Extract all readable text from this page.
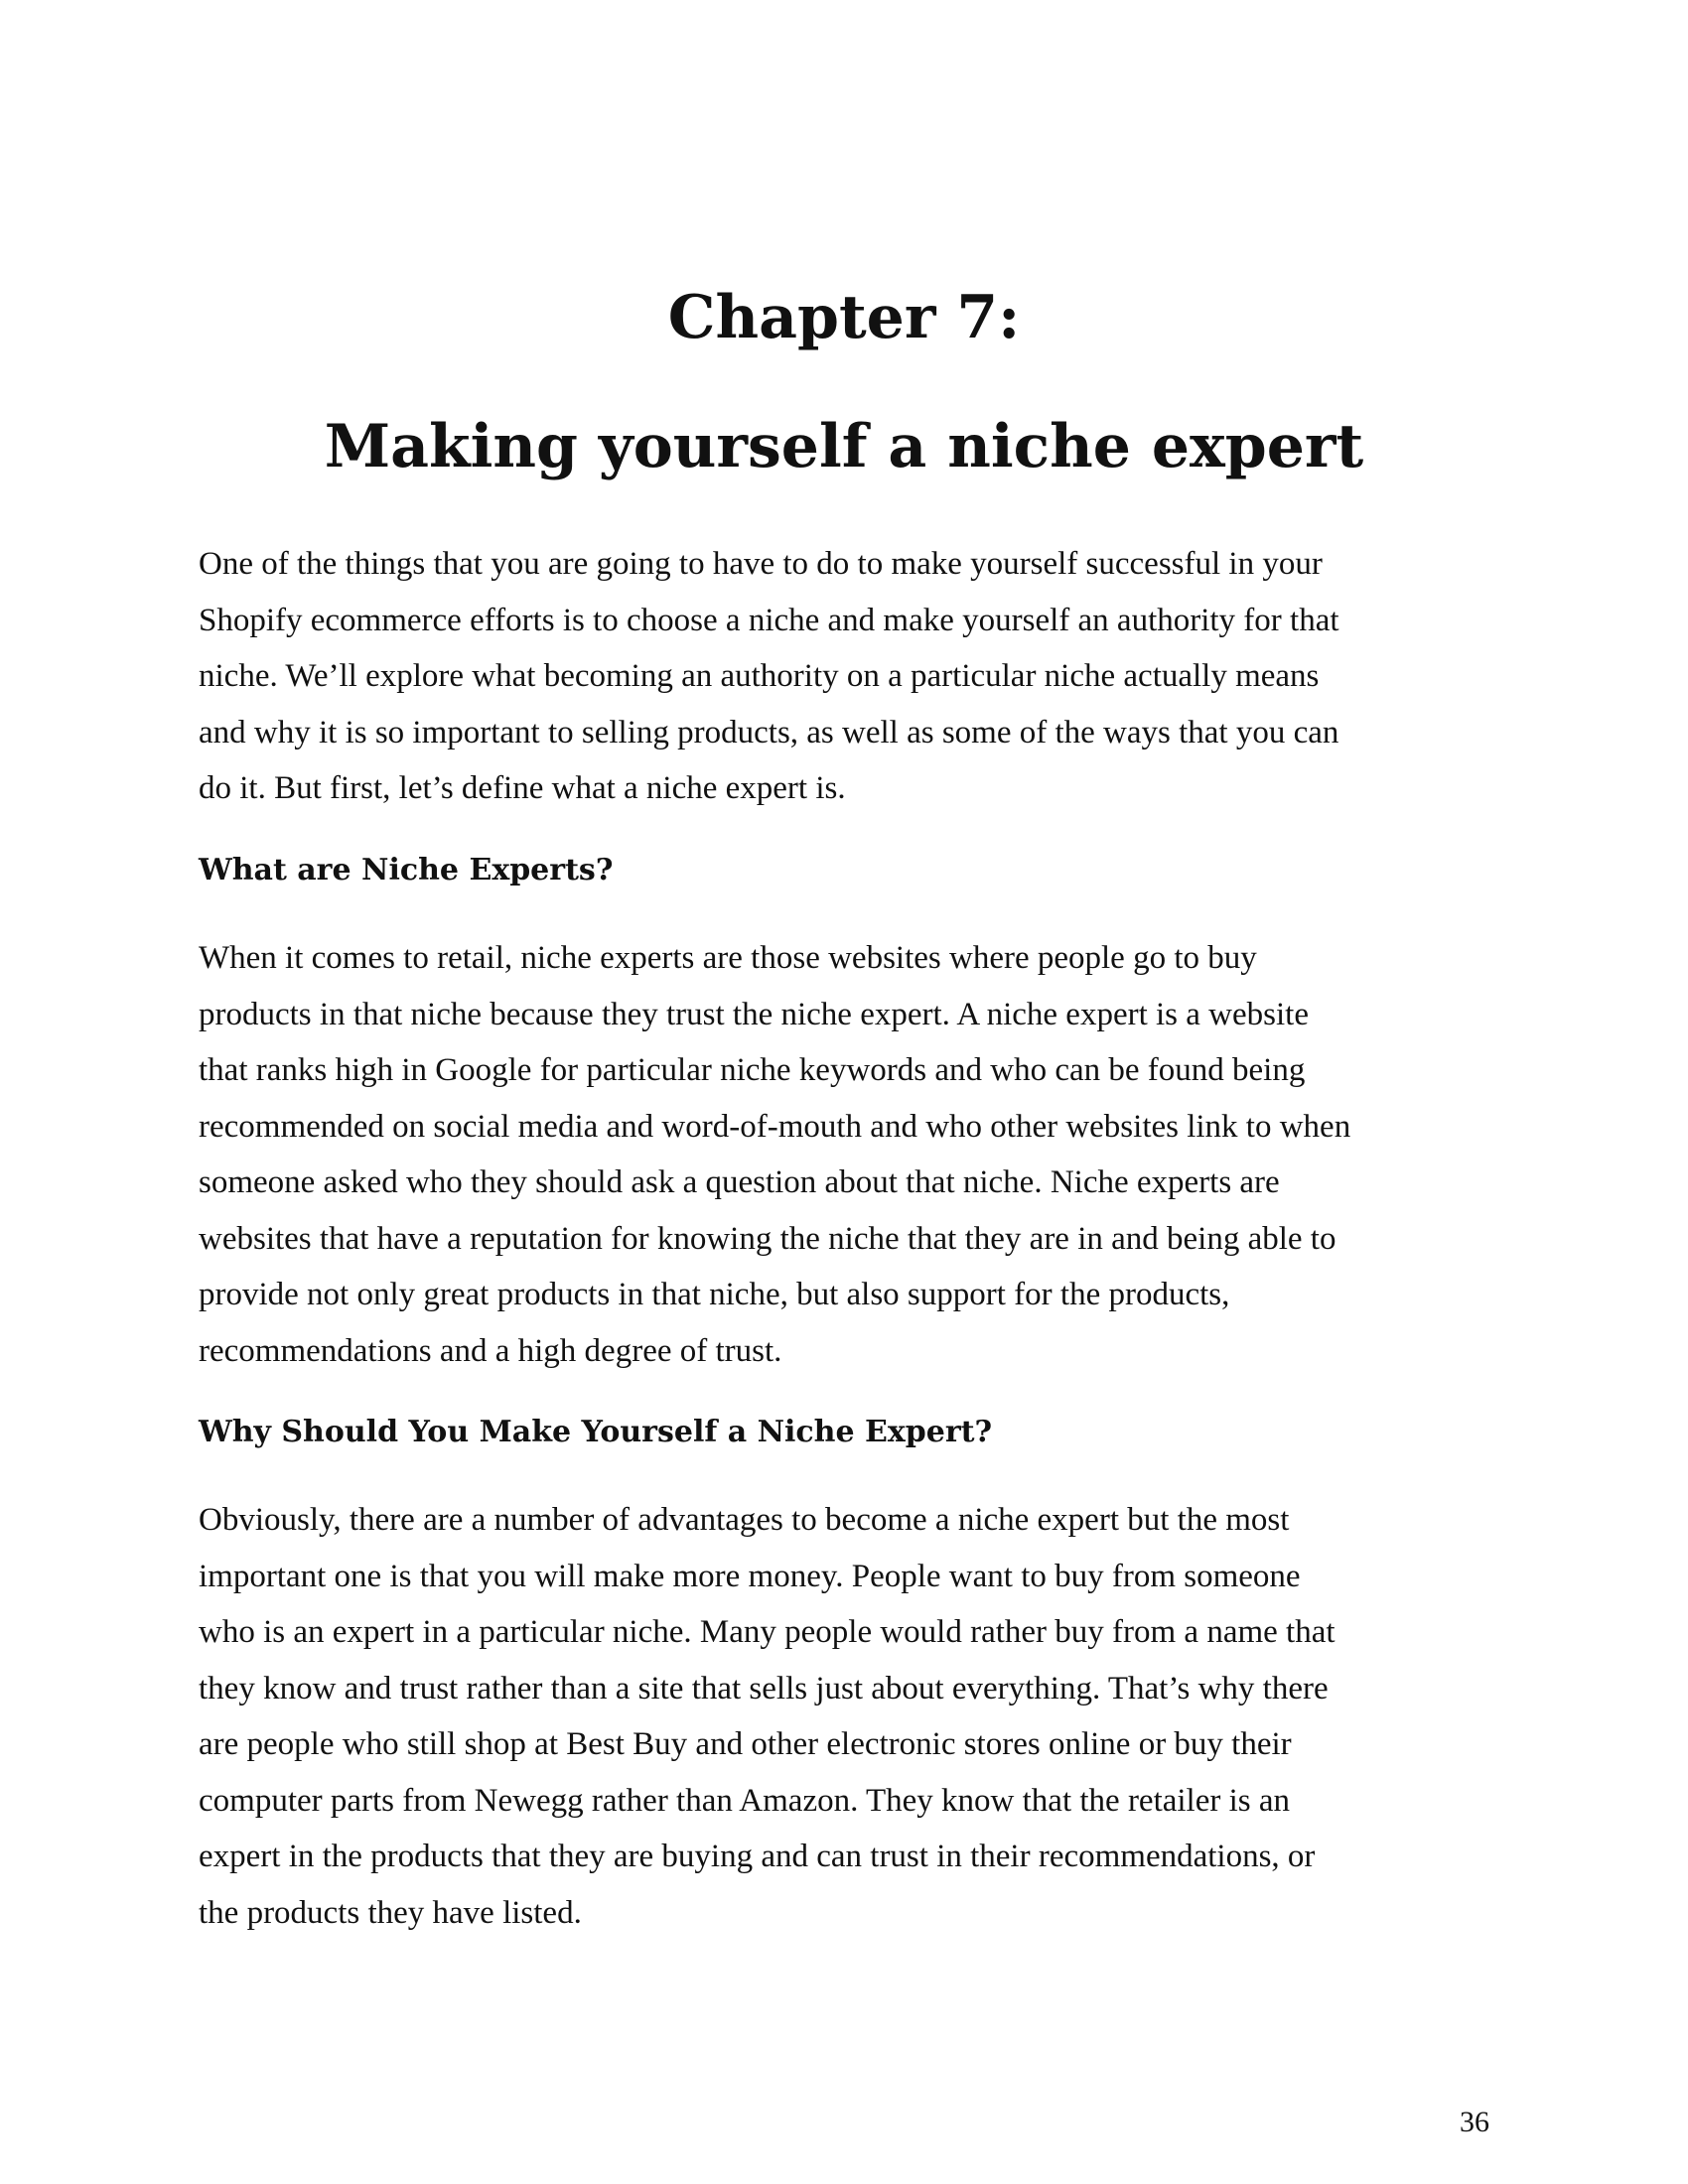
Chapter 7:
Making yourself a niche expert

One of the things that you are going to have to do to make yourself successful in your
Shopify ecommerce efforts is to choose a niche and make yourself an authority for that
niche. We’ll explore what becoming an authority on a particular niche actually means
and why it is so important to selling products, as well as some of the ways that you can
do it. But first, let’s define what a niche expert is.

What are Niche Experts?

When it comes to retail, niche experts are those websites where people go to buy
products in that niche because they trust the niche expert. A niche expert is a website
that ranks high in Google for particular niche keywords and who can be found being
recommended on social media and word-of-mouth and who other websites link to when
someone asked who they should ask a question about that niche. Niche experts are
websites that have a reputation for knowing the niche that they are in and being able to
provide not only great products in that niche, but also support for the products,
recommendations and a high degree of trust.

Why Should You Make Yourself a Niche Expert?

Obviously, there are a number of advantages to become a niche expert but the most
important one is that you will make more money. People want to buy from someone
who is an expert in a particular niche. Many people would rather buy from a name that
they know and trust rather than a site that sells just about everything. That’s why there
are people who still shop at Best Buy and other electronic stores online or buy their
computer parts from Newegg rather than Amazon. They know that the retailer is an
expert in the products that they are buying and can trust in their recommendations, or
the products they have listed.

36
